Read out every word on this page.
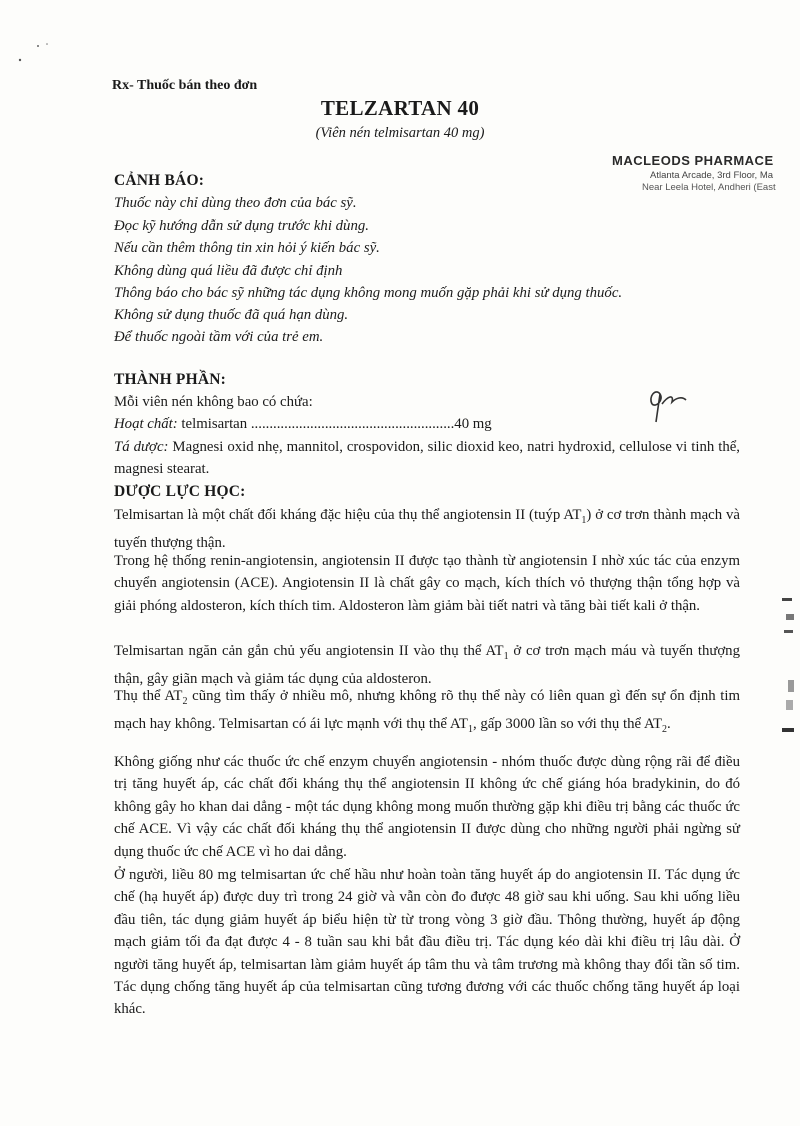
Rx- Thuốc bán theo đơn
TELZARTAN 40
(Viên nén telmisartan 40 mg)
MACLEODS PHARMACE
Atlanta Arcade, 3rd Floor, Ma
Near Leela Hotel, Andheri (East
CẢNH BÁO:
Thuốc này chỉ dùng theo đơn của bác sỹ.
Đọc kỹ hướng dẫn sử dụng trước khi dùng.
Nếu cần thêm thông tin xin hỏi ý kiến bác sỹ.
Không dùng quá liều đã được chỉ định
Thông báo cho bác sỹ những tác dụng không mong muốn gặp phải khi sử dụng thuốc.
Không sử dụng thuốc đã quá hạn dùng.
Để thuốc ngoài tầm với của trẻ em.
THÀNH PHẦN:
Mỗi viên nén không bao có chứa:
Hoạt chất: telmisartan .......................................................40 mg
Tá dược: Magnesi oxid nhẹ, mannitol, crospovidon, silic dioxid keo, natri hydroxid, cellulose vi tinh thể, magnesi stearat.
DƯỢC LỰC HỌC:
Telmisartan là một chất đối kháng đặc hiệu của thụ thể angiotensin II (tuýp $AT_1$) ở cơ trơn thành mạch và tuyến thượng thận.
Trong hệ thống renin-angiotensin, angiotensin II được tạo thành từ angiotensin I nhờ xúc tác của enzym chuyển angiotensin (ACE). Angiotensin II là chất gây co mạch, kích thích vỏ thượng thận tổng hợp và giải phóng aldosteron, kích thích tim. Aldosteron làm giảm bài tiết natri và tăng bài tiết kali ở thận.
Telmisartan ngăn cản gắn chủ yếu angiotensin II vào thụ thể $AT_1$ ở cơ trơn mạch máu và tuyến thượng thận, gây giãn mạch và giảm tác dụng của aldosteron.
Thụ thể $AT_2$ cũng tìm thấy ở nhiều mô, nhưng không rõ thụ thể này có liên quan gì đến sự ổn định tim mạch hay không. Telmisartan có ái lực mạnh với thụ thể $AT_1$, gấp 3000 lần so với thụ thể $AT_2$.
Không giống như các thuốc ức chế enzym chuyển angiotensin - nhóm thuốc được dùng rộng rãi để điều trị tăng huyết áp, các chất đối kháng thụ thể angiotensin II không ức chế giáng hóa bradykinin, do đó không gây ho khan dai dẳng - một tác dụng không mong muốn thường gặp khi điều trị bằng các thuốc ức chế ACE. Vì vậy các chất đối kháng thụ thể angiotensin II được dùng cho những người phải ngừng sử dụng thuốc ức chế ACE vì ho dai dẳng.
Ở người, liều 80 mg telmisartan ức chế hầu như hoàn toàn tăng huyết áp do angiotensin II. Tác dụng ức chế (hạ huyết áp) được duy trì trong 24 giờ và vẫn còn đo được 48 giờ sau khi uống. Sau khi uống liều đầu tiên, tác dụng giảm huyết áp biểu hiện từ từ trong vòng 3 giờ đầu. Thông thường, huyết áp động mạch giảm tối đa đạt được 4 - 8 tuần sau khi bắt đầu điều trị. Tác dụng kéo dài khi điều trị lâu dài. Ở người tăng huyết áp, telmisartan làm giảm huyết áp tâm thu và tâm trương mà không thay đổi tần số tim. Tác dụng chống tăng huyết áp của telmisartan cũng tương đương với các thuốc chống tăng huyết áp loại khác.
